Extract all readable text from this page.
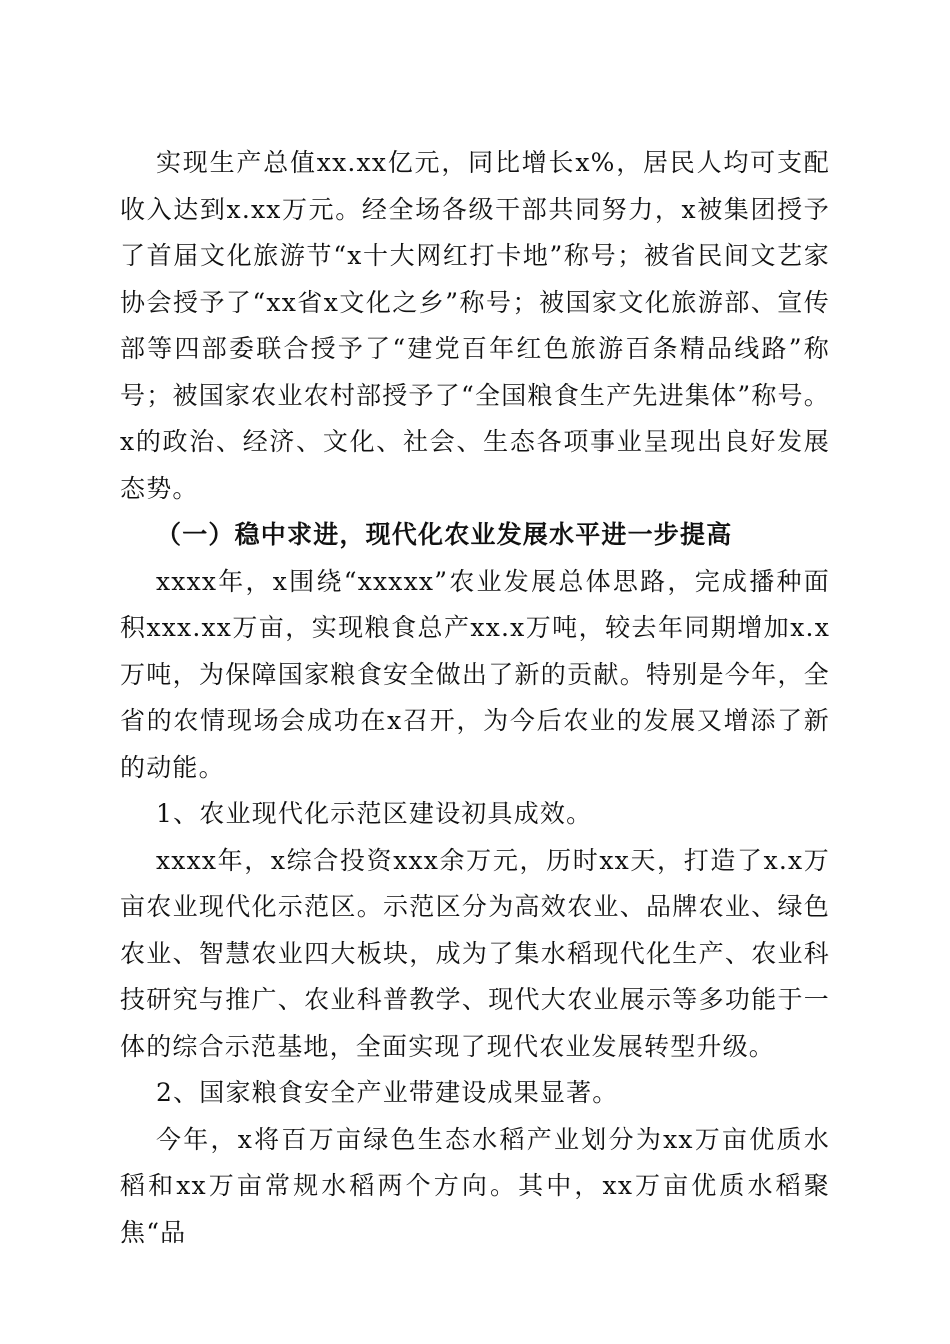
实现生产总值xx.xx亿元，同比增长x%，居民人均可支配收入达到x.xx万元。经全场各级干部共同努力，x被集团授予了首届文化旅游节“x十大网红打卡地”称号；被省民间文艺家协会授予了“xx省x文化之乡”称号；被国家文化旅游部、宣传部等四部委联合授予了“建党百年红色旅游百条精品线路”称号；被国家农业农村部授予了“全国粮食生产先进集体”称号。x的政治、经济、文化、社会、生态各项事业呈现出良好发展态势。

（一）稳中求进，现代化农业发展水平进一步提高

xxxx年，x围绕“xxxxx”农业发展总体思路，完成播种面积xxx.xx万亩，实现粮食总产xx.x万吨，较去年同期增加x.x万吨，为保障国家粮食安全做出了新的贡献。特别是今年，全省的农情现场会成功在x召开，为今后农业的发展又增添了新的动能。

1、农业现代化示范区建设初具成效。

xxxx年，x综合投资xxx余万元，历时xx天，打造了x.x万亩农业现代化示范区。示范区分为高效农业、品牌农业、绿色农业、智慧农业四大板块，成为了集水稻现代化生产、农业科技研究与推广、农业科普教学、现代大农业展示等多功能于一体的综合示范基地，全面实现了现代农业发展转型升级。

2、国家粮食安全产业带建设成果显著。

今年，x将百万亩绿色生态水稻产业划分为xx万亩优质水稻和xx万亩常规水稻两个方向。其中，xx万亩优质水稻聚焦“品
